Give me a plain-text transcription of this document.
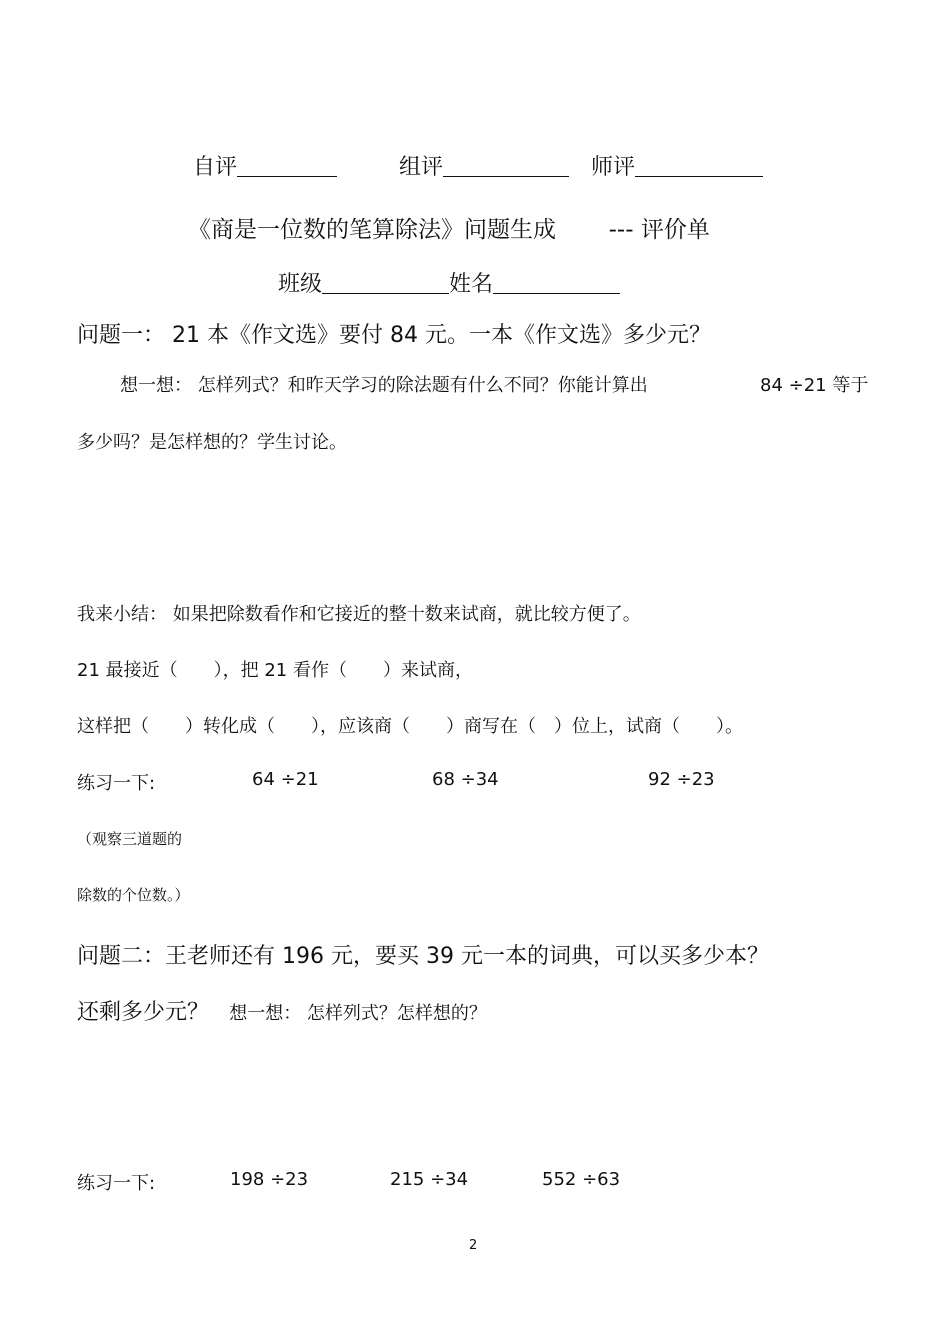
自评	组评	师评
《商是一位数的笔算除法》问题生成 --- 评价单
班级	姓名
问题一： 21 本《作文选》要付 84 元。一本《作文选》多少元？
想一想： 怎样列式？和昨天学习的除法题有什么不同？你能计算出	84 ÷21 等于
多少吗？是怎样想的？学生讨论。
我来小结： 如果把除数看作和它接近的整十数来试商，就比较方便了。
21 最接近（　　），把 21 看作（　　）来试商，
这样把（　　）转化成（　　），应该商（　　）商写在（　）位上，试商（　　）。
练习一下:	64 ÷21	68 ÷34	92 ÷23
（观察三道题的
除数的个位数。）
问题二：王老师还有 196 元，要买 39 元一本的词典，可以买多少本？
还剩多少元？ 想一想： 怎样列式？怎样想的？
练习一下:	198 ÷23	215 ÷34	552 ÷63
2
